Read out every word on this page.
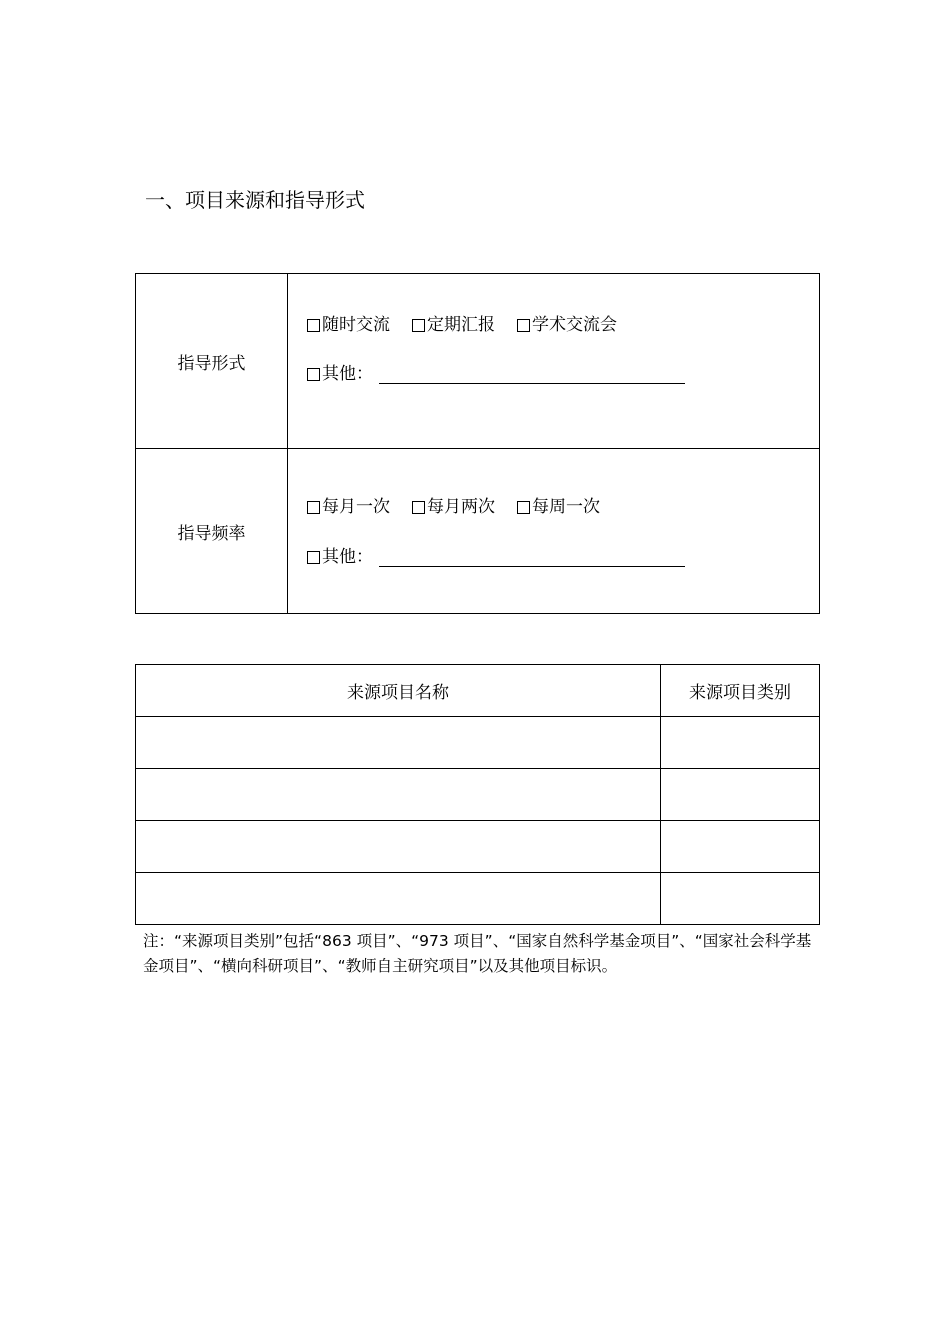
一、项目来源和指导形式
指导形式	随时交流 定期汇报 学术交流会
其他：

指导频率	每月一次 每月两次 每周一次
其他：
来源项目名称	来源项目类别

注：“来源项目类别”包括“863 项目”、“973 项目”、“国家自然科学基金项目”、“国家社会科学基金项目”、“横向科研项目”、“教师自主研究项目”以及其他项目标识。
